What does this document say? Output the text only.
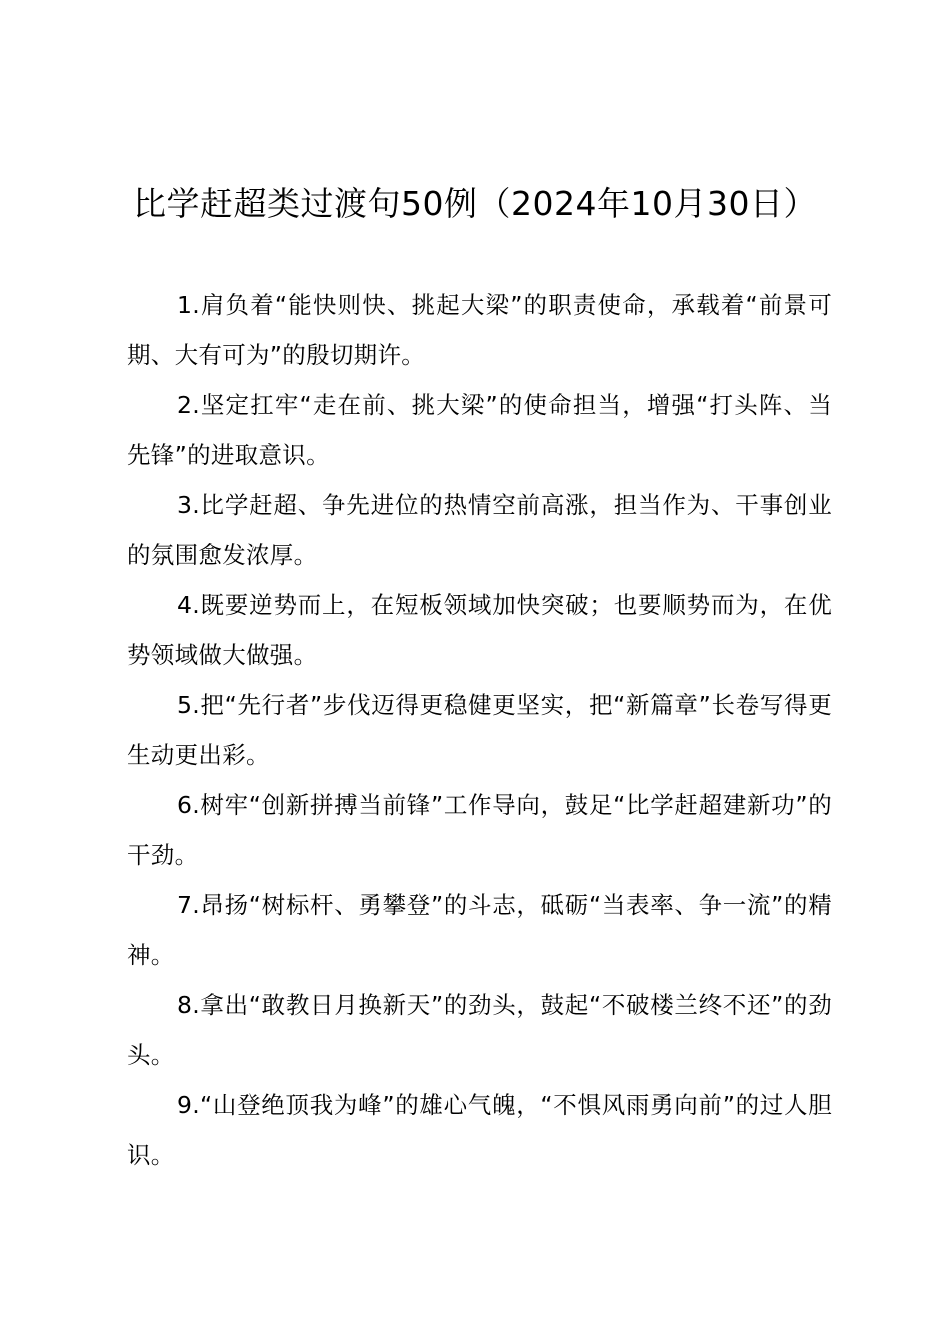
比学赶超类过渡句50例（2024年10月30日）

1.肩负着“能快则快、挑起大梁”的职责使命，承载着“前景可期、大有可为”的殷切期许。

2.坚定扛牢“走在前、挑大梁”的使命担当，增强“打头阵、当先锋”的进取意识。

3.比学赶超、争先进位的热情空前高涨，担当作为、干事创业的氛围愈发浓厚。

4.既要逆势而上，在短板领域加快突破；也要顺势而为，在优势领域做大做强。

5.把“先行者”步伐迈得更稳健更坚实，把“新篇章”长卷写得更生动更出彩。

6.树牢“创新拼搏当前锋”工作导向，鼓足“比学赶超建新功”的干劲。

7.昂扬“树标杆、勇攀登”的斗志，砥砺“当表率、争一流”的精神。

8.拿出“敢教日月换新天”的劲头，鼓起“不破楼兰终不还”的劲头。

9.“山登绝顶我为峰”的雄心气魄，“不惧风雨勇向前”的过人胆识。
